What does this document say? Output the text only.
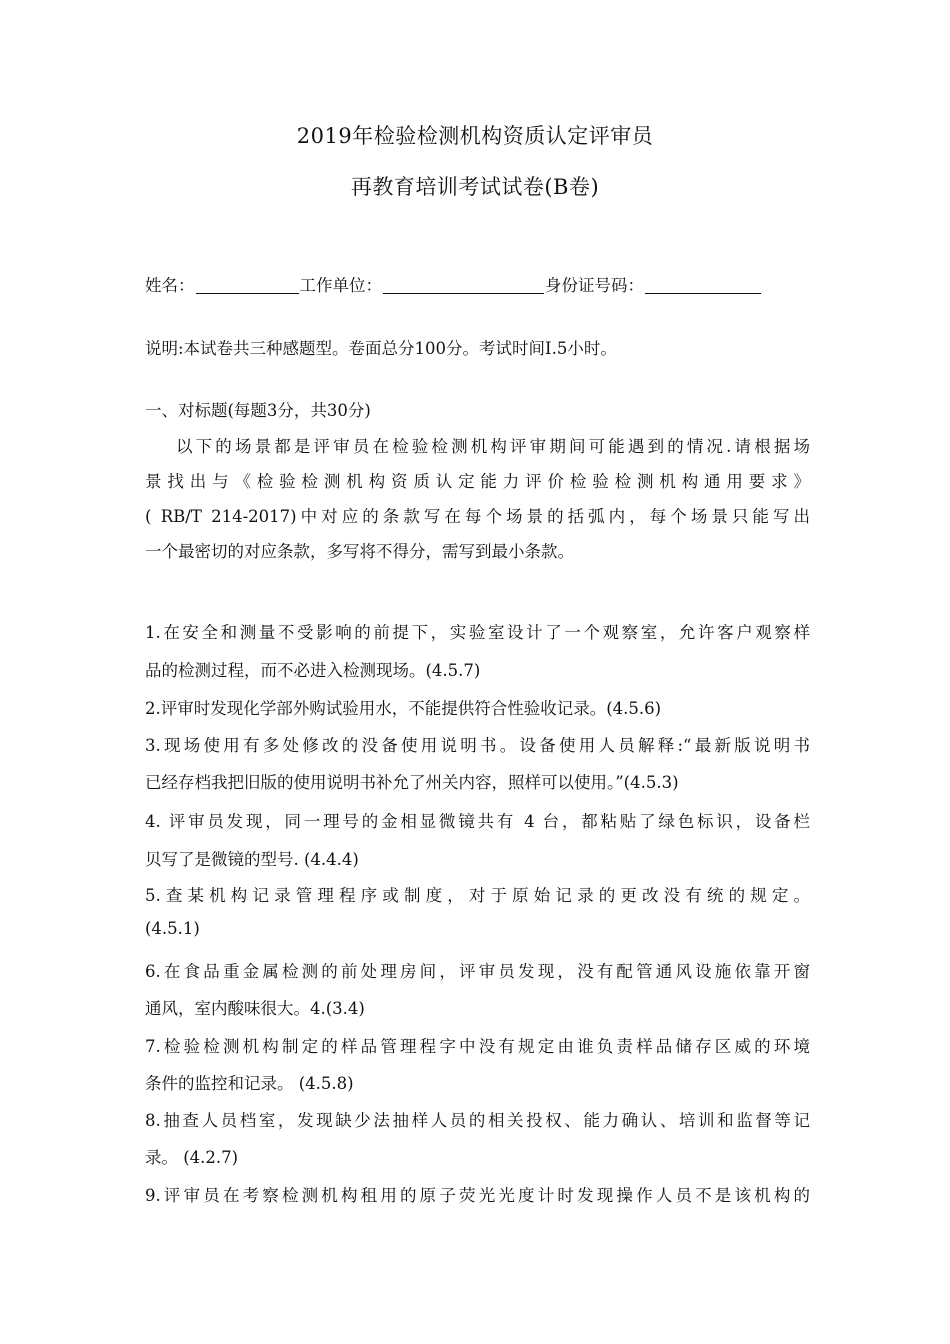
2019年检验检测机构资质认定评审员
再教育培训考试试卷(B卷)
姓名：	工作单位：	身份证号码：
说明:本试卷共三种感题型。卷面总分100分。考试时间I.5小时。
一、对标题(每题3分，共30分)
以下的场景都是评审员在检验检测机构评审期间可能遇到的情况.请根据场
景找出与《检验检测机构资质认定能力评价检验检测机构通用要求》
( RB/T 214-2017)中对应的条款写在每个场景的括弧内，每个场景只能写出
一个最密切的对应条款，多写将不得分，需写到最小条款。
1.在安全和测量不受影响的前提下，实验室设计了一个观察室，允许客户观察样
品的检测过程，而不必进入检测现场。(4.5.7)
2.评审时发现化学部外购试验用水，不能提供符合性验收记录。(4.5.6)
3.现场使用有多处修改的没备使用说明书。设备使用人员解释:“最新版说明书
已经存档我把旧版的使用说明书补允了州关内容，照样可以使用。”(4.5.3)
4. 评审员发现，同一理号的金相显微镜共有 4 台，都粘贴了绿色标识，设备栏
贝写了是微镜的型号. (4.4.4)
5.查某机构记录管理程序或制度，对于原始记录的更改没有统的规定。
(4.5.1)
6.在食品重金属检测的前处理房间，评审员发现，没有配管通风设施依靠开窗
通风，室内酸味很大。4.(3.4)
7.检验检测机构制定的样品管理程字中没有规定由谁负责样品储存区威的环境
条件的监控和记录。 (4.5.8)
8.抽查人员档室，发现缺少法抽样人员的相关投权、能力确认、培训和监督等记
录。 (4.2.7)
9.评审员在考察检测机构租用的原子荧光光度计时发现操作人员不是该机构的
